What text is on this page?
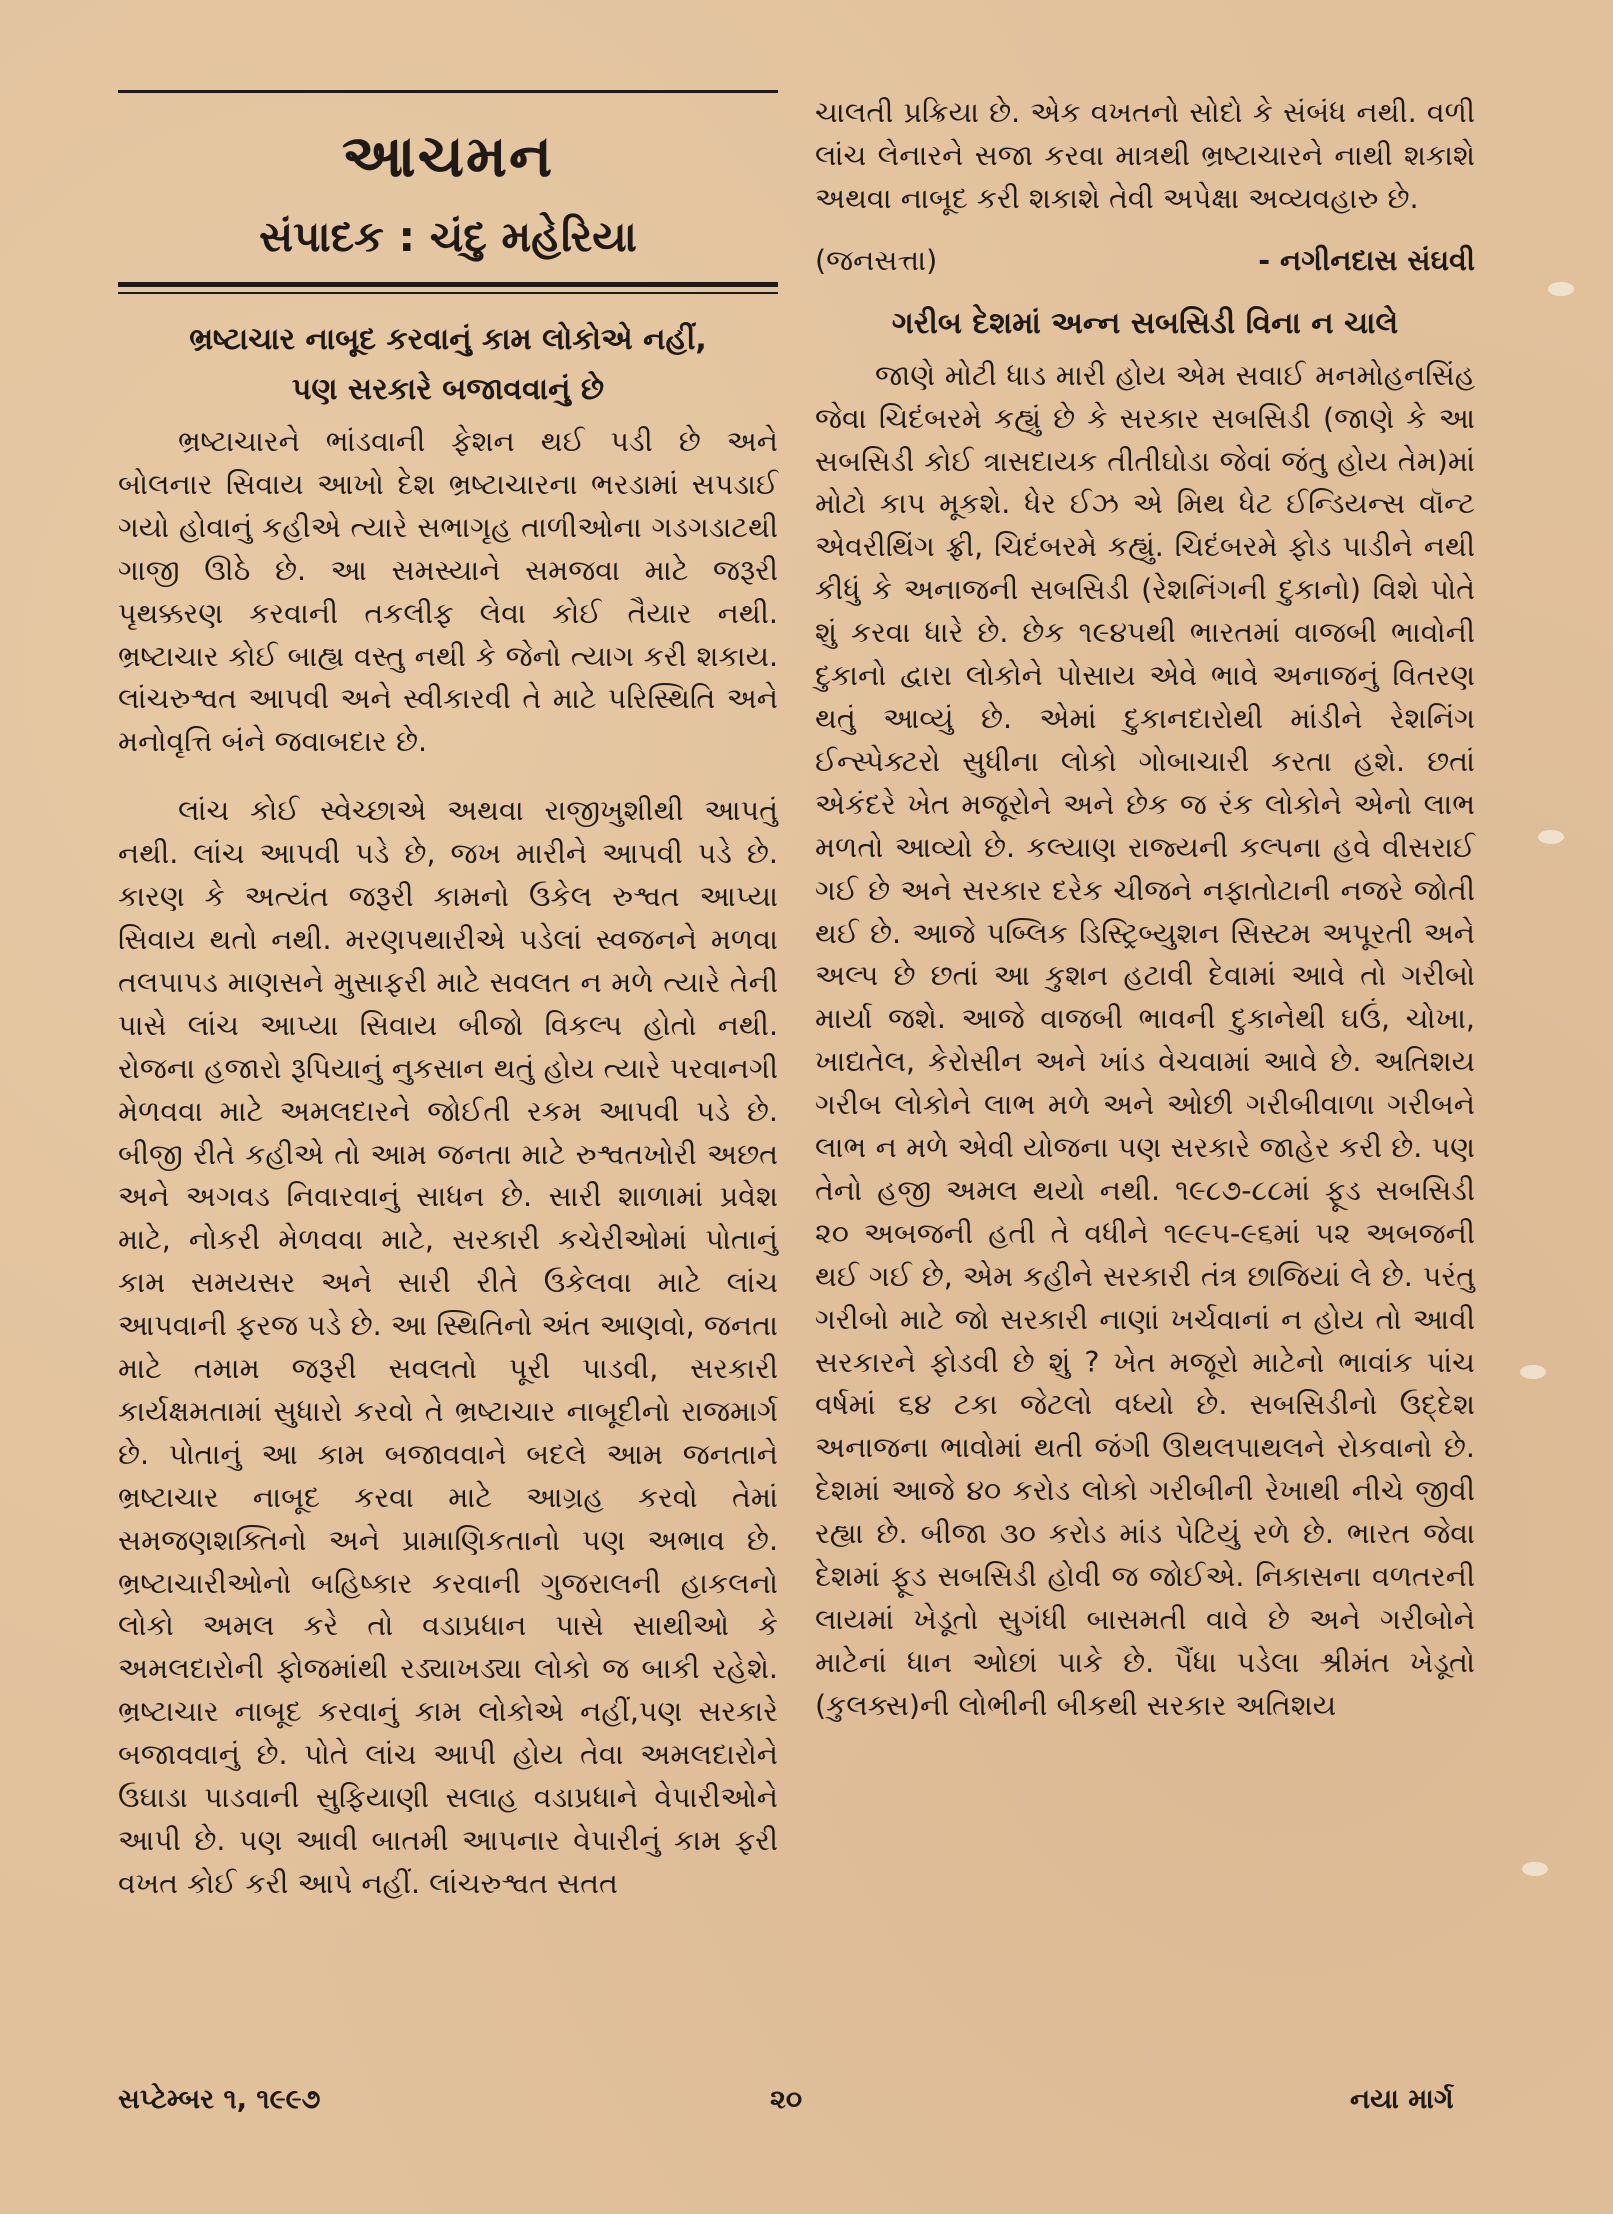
આચમન
સંપાદક : ચંદુ મહેરિયા
ભ્રષ્ટાચાર નાબૂદ કરવાનું કામ લોકોએ નહીં,
પણ સરકારે બજાવવાનું છે

ભ્રષ્ટાચારને ભાંડવાની ફેશન થઈ પડી છે અને બોલનાર સિવાય આખો દેશ ભ્રષ્ટાચારના ભરડામાં સપડાઈ ગયો હોવાનું કહીએ ત્યારે સભાગૃહ તાળીઓના ગડગડાટથી ગાજી ઊઠે છે. આ સમસ્યાને સમજવા માટે જરૂરી પૃથક્કરણ કરવાની તકલીફ લેવા કોઈ તૈયાર નથી. ભ્રષ્ટાચાર કોઈ બાહ્ય વસ્તુ નથી કે જેનો ત્યાગ કરી શકાય. લાંચરુશ્વત આપવી અને સ્વીકારવી તે માટે પરિસ્થિતિ અને મનોવૃત્તિ બંને જવાબદાર છે.

લાંચ કોઈ સ્વેચ્છાએ અથવા રાજીખુશીથી આપતું નથી. લાંચ આપવી પડે છે, જખ મારીને આપવી પડે છે. કારણ કે અત્યંત જરૂરી કામનો ઉકેલ રુશ્વત આપ્યા સિવાય થતો નથી. મરણપથારીએ પડેલાં સ્વજનને મળવા તલપાપડ માણસને મુસાફરી માટે સવલત ન મળે ત્યારે તેની પાસે લાંચ આપ્યા સિવાય બીજો વિકલ્પ હોતો નથી. રોજના હજારો રૂપિયાનું નુકસાન થતું હોય ત્યારે પરવાનગી મેળવવા માટે અમલદારને જોઈતી રકમ આપવી પડે છે. બીજી રીતે કહીએ તો આમ જનતા માટે રુશ્વતખોરી અછત અને અગવડ નિવારવાનું સાધન છે. સારી શાળામાં પ્રવેશ માટે, નોકરી મેળવવા માટે, સરકારી કચેરીઓમાં પોતાનું કામ સમયસર અને સારી રીતે ઉકેલવા માટે લાંચ આપવાની ફરજ પડે છે. આ સ્થિતિનો અંત આણવો, જનતા માટે તમામ જરૂરી સવલતો પૂરી પાડવી, સરકારી કાર્યક્ષમતામાં સુધારો કરવો તે ભ્રષ્ટાચાર નાબૂદીનો રાજમાર્ગ છે. પોતાનું આ કામ બજાવવાને બદલે આમ જનતાને ભ્રષ્ટાચાર નાબૂદ કરવા માટે આગ્રહ કરવો તેમાં સમજણશક્તિનો અને પ્રામાણિકતાનો પણ અભાવ છે. ભ્રષ્ટાચારીઓનો બહિષ્કાર કરવાની ગુજરાલની હાકલનો લોકો અમલ કરે તો વડાપ્રધાન પાસે સાથીઓ કે અમલદારોની ફોજમાંથી રડ્યાખડ્યા લોકો જ બાકી રહેશે. ભ્રષ્ટાચાર નાબૂદ કરવાનું કામ લોકોએ નહીં,પણ સરકારે બજાવવાનું છે. પોતે લાંચ આપી હોય તેવા અમલદારોને ઉઘાડા પાડવાની સુફિયાણી સલાહ વડાપ્રધાને વેપારીઓને આપી છે. પણ આવી બાતમી આપનાર વેપારીનું કામ ફરી વખત કોઈ કરી આપે નહીં. લાંચરુશ્વત સતત

ચાલતી પ્રક્રિયા છે. એક વખતનો સોદો કે સંબંધ નથી. વળી લાંચ લેનારને સજા કરવા માત્રથી ભ્રષ્ટાચારને નાથી શકાશે અથવા નાબૂદ કરી શકાશે તેવી અપેક્ષા અવ્યવહારુ છે.

(જનસત્તા)	- નગીનદાસ સંઘવી
ગરીબ દેશમાં અન્ન સબસિડી વિના ન ચાલે

જાણે મોટી ધાડ મારી હોય એમ સવાઈ મનમોહનસિંહ જેવા ચિદંબરમે કહ્યું છે કે સરકાર સબસિડી (જાણે કે આ સબસિડી કોઈ ત્રાસદાયક તીતીઘોડા જેવાં જંતુ હોય તેમ)માં મોટો કાપ મૂકશે. ધેર ઈઝ એ મિથ ધેટ ઈન્ડિયન્સ વૉન્ટ એવરીથિંગ ફ્રી, ચિદંબરમે કહ્યું. ચિદંબરમે ફોડ પાડીને નથી કીધું કે અનાજની સબસિડી (રેશનિંગની દુકાનો) વિશે પોતે શું કરવા ધારે છે. છેક ૧૯૪૫થી ભારતમાં વાજબી ભાવોની દુકાનો દ્વારા લોકોને પોસાય એવે ભાવે અનાજનું વિતરણ થતું આવ્યું છે. એમાં દુકાનદારોથી માંડીને રેશનિંગ ઈન્સ્પેક્ટરો સુધીના લોકો ગોબાચારી કરતા હશે. છતાં એકંદરે ખેત મજૂરોને અને છેક જ રંક લોકોને એનો લાભ મળતો આવ્યો છે. કલ્યાણ રાજ્યની કલ્પના હવે વીસરાઈ ગઈ છે અને સરકાર દરેક ચીજને નફાતોટાની નજરે જોતી થઈ છે. આજે પબ્લિક ડિસ્ટ્રિબ્યુશન સિસ્ટમ અપૂરતી અને અલ્પ છે છતાં આ કુશન હટાવી દેવામાં આવે તો ગરીબો માર્યા જશે. આજે વાજબી ભાવની દુકાનેથી ઘઉં, ચોખા, ખાદ્યતેલ, કેરોસીન અને ખાંડ વેચવામાં આવે છે. અતિશય ગરીબ લોકોને લાભ મળે અને ઓછી ગરીબીવાળા ગરીબને લાભ ન મળે એવી યોજના પણ સરકારે જાહેર કરી છે. પણ તેનો હજી અમલ થયો નથી. ૧૯૮૭-૮૮માં ફૂડ સબસિડી ૨૦ અબજની હતી તે વધીને ૧૯૯૫-૯૬માં ૫૨ અબજની થઈ ગઈ છે, એમ કહીને સરકારી તંત્ર છાજિયાં લે છે. પરંતુ ગરીબો માટે જો સરકારી નાણાં ખર્ચવાનાં ન હોય તો આવી સરકારને ફોડવી છે શું ? ખેત મજૂરો માટેનો ભાવાંક પાંચ વર્ષમાં ૬૪ ટકા જેટલો વધ્યો છે. સબસિડીનો ઉદ્દેશ અનાજના ભાવોમાં થતી જંગી ઊથલપાથલને રોકવાનો છે. દેશમાં આજે ૪૦ કરોડ લોકો ગરીબીની રેખાથી નીચે જીવી રહ્યા છે. બીજા ૩૦ કરોડ માંડ પેટિયું રળે છે. ભારત જેવા દેશમાં ફૂડ સબસિડી હોવી જ જોઈએ. નિકાસના વળતરની લાયમાં ખેડૂતો સુગંધી બાસમતી વાવે છે અને ગરીબોને માટેનાં ધાન ઓછાં પાકે છે. પૈંધા પડેલા શ્રીમંત ખેડૂતો (કુલક્સ)ની લોભીની બીકથી સરકાર અતિશય

સપ્ટેમ્બર ૧, ૧૯૯૭	૨૦	નયા માર્ગ
